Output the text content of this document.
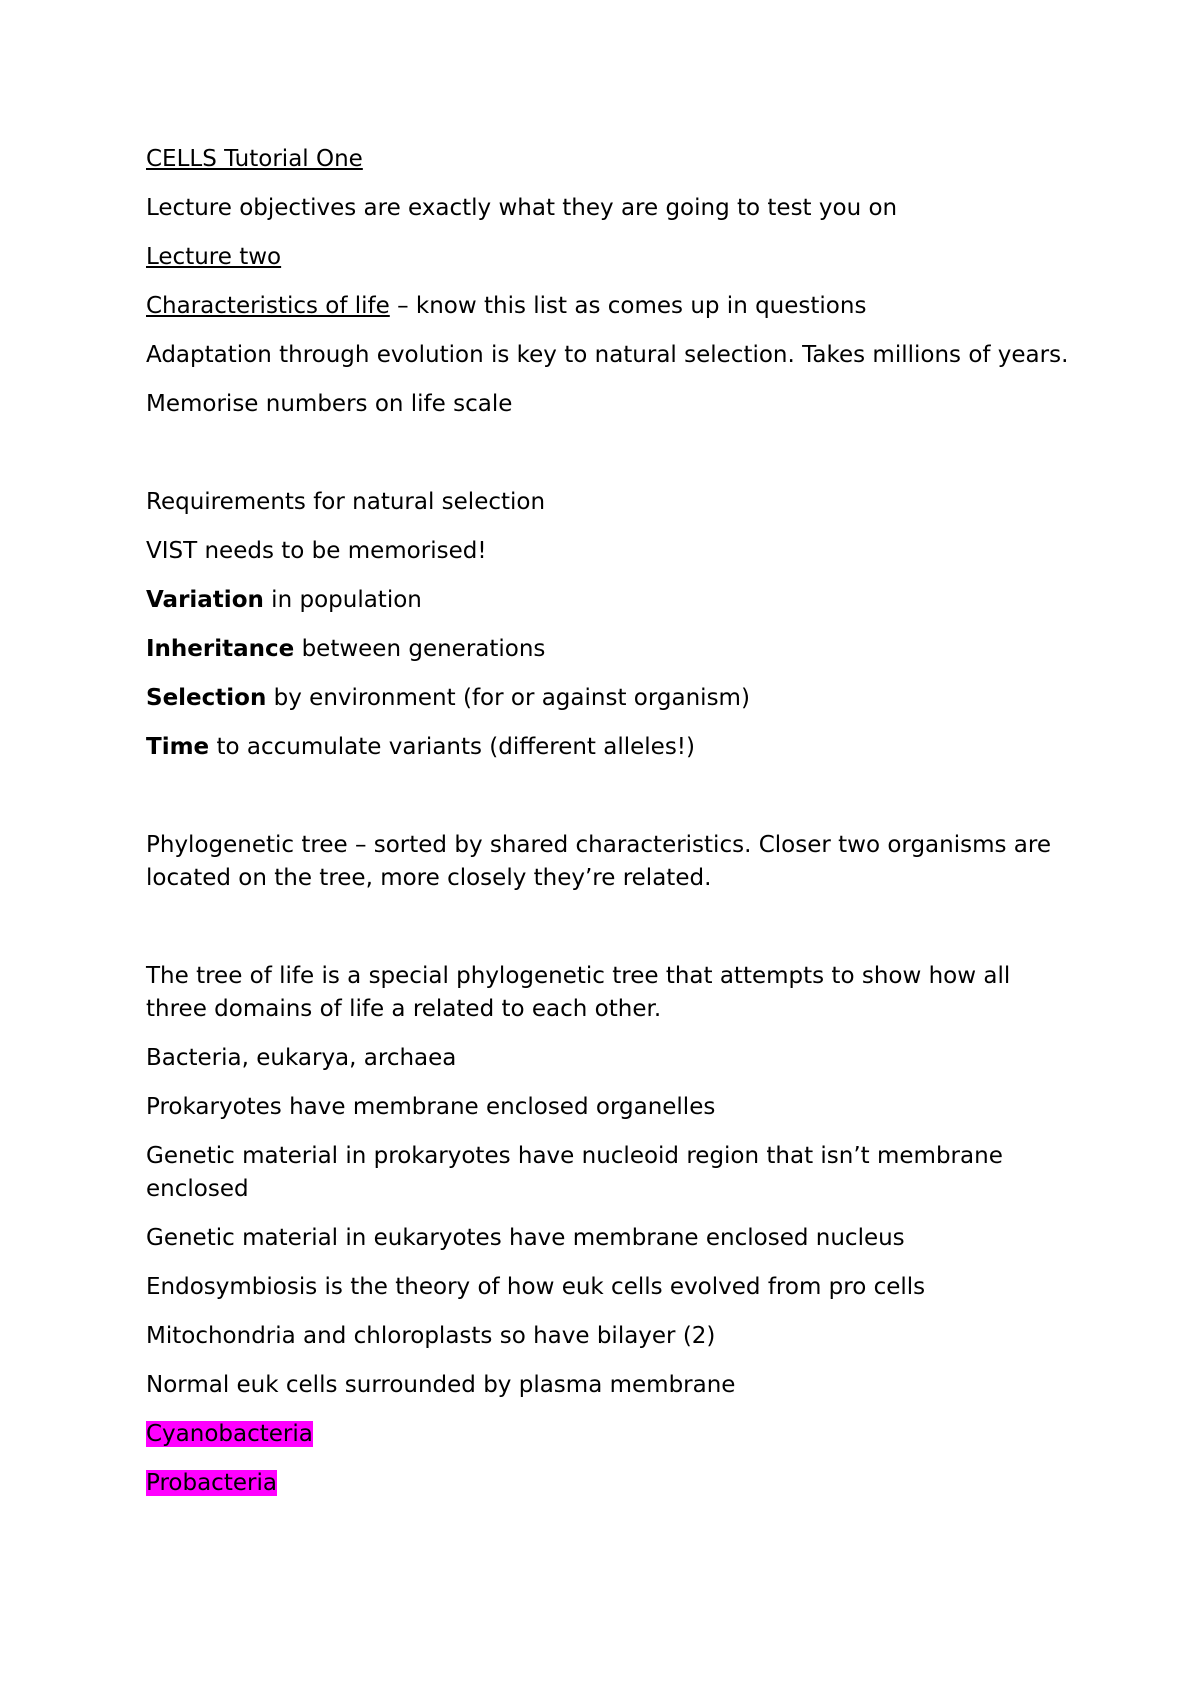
CELLS Tutorial One

Lecture objectives are exactly what they are going to test you on

Lecture two

Characteristics of life – know this list as comes up in questions

Adaptation through evolution is key to natural selection. Takes millions of years.

Memorise numbers on life scale

Requirements for natural selection

VIST needs to be memorised!

Variation in population

Inheritance between generations

Selection by environment (for or against organism)

Time to accumulate variants (different alleles!)

Phylogenetic tree – sorted by shared characteristics. Closer two organisms are located on the tree, more closely they’re related.

The tree of life is a special phylogenetic tree that attempts to show how all three domains of life a related to each other.

Bacteria, eukarya, archaea

Prokaryotes have membrane enclosed organelles

Genetic material in prokaryotes have nucleoid region that isn’t membrane enclosed

Genetic material in eukaryotes have membrane enclosed nucleus

Endosymbiosis is the theory of how euk cells evolved from pro cells

Mitochondria and chloroplasts so have bilayer (2)

Normal euk cells surrounded by plasma membrane

Cyanobacteria

Probacteria
